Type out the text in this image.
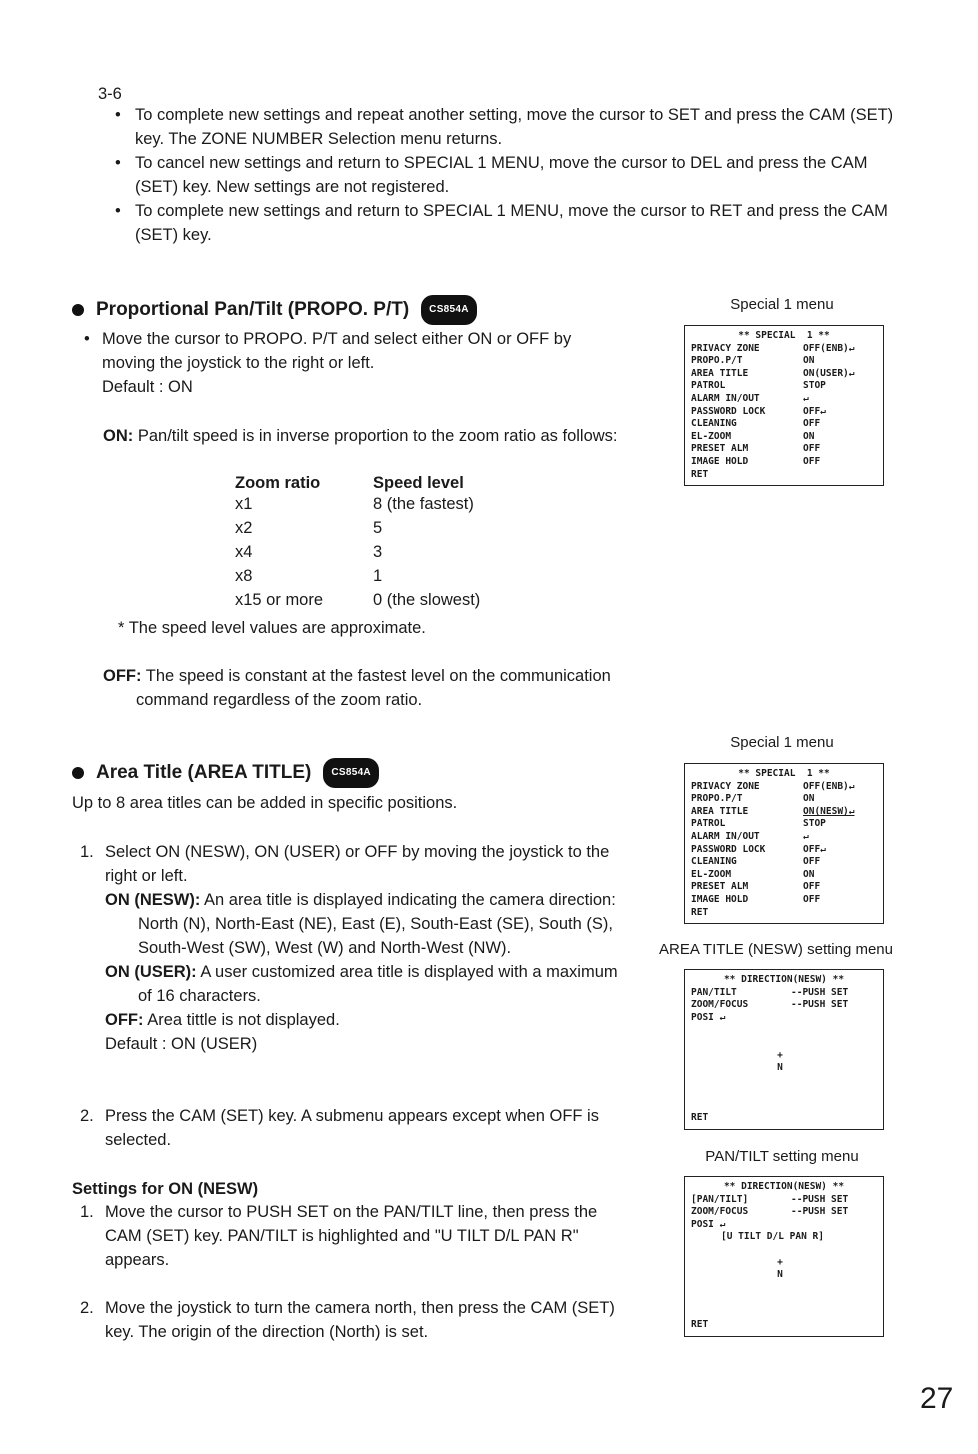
3-6
• To complete new settings and repeat another setting, move the cursor to SET and press the CAM (SET) key. The ZONE NUMBER Selection menu returns.
• To cancel new settings and return to SPECIAL 1 MENU, move the cursor to DEL and press the CAM (SET) key. New settings are not registered.
• To complete new settings and return to SPECIAL 1 MENU, move the cursor to RET and press the CAM (SET) key.
Proportional Pan/Tilt (PROPO. P/T)	CS854A
• Move the cursor to PROPO. P/T and select either ON or OFF by moving the joystick to the right or left.
Default : ON
ON: Pan/tilt speed is in inverse proportion to the zoom ratio as follows:
Zoom ratio	Speed level
x1	8 (the fastest)
x2	5
x4	3
x8	1
x15 or more	0 (the slowest)
* The speed level values are approximate.
OFF: The speed is constant at the fastest level on the communication command regardless of the zoom ratio.
Area Title (AREA TITLE)	CS854A
Up to 8 area titles can be added in specific positions.
1. Select ON (NESW), ON (USER) or OFF by moving the joystick to the right or left.
ON (NESW): An area title is displayed indicating the camera direction: North (N), North-East (NE), East (E), South-East (SE), South (S), South-West (SW), West (W) and North-West (NW).
ON (USER): A user customized area title is displayed with a maximum of 16 characters.
OFF: Area tittle is not displayed.
Default : ON (USER)
2. Press the CAM (SET) key. A submenu appears except when OFF is selected.
Settings for ON (NESW)
1. Move the cursor to PUSH SET on the PAN/TILT line, then press the CAM (SET) key. PAN/TILT is highlighted and "U TILT D/L PAN R" appears.
2. Move the joystick to turn the camera north, then press the CAM (SET) key. The origin of the direction (North) is set.
Special 1 menu
** SPECIAL  1 **
PRIVACY ZONE	OFF(ENB)↵
PROPO.P/T	ON
AREA TITLE	ON(USER)↵
PATROL	STOP
ALARM IN/OUT	↵
PASSWORD LOCK	OFF↵
CLEANING	OFF
EL-ZOOM	ON
PRESET ALM	OFF
IMAGE HOLD	OFF
RET
Special 1 menu
** SPECIAL  1 **
PRIVACY ZONE	OFF(ENB)↵
PROPO.P/T	ON
AREA TITLE	ON(NESW)↵
PATROL	STOP
ALARM IN/OUT	↵
PASSWORD LOCK	OFF↵
CLEANING	OFF
EL-ZOOM	ON
PRESET ALM	OFF
IMAGE HOLD	OFF
RET
AREA TITLE (NESW) setting menu
** DIRECTION(NESW) **
PAN/TILT	--PUSH SET
ZOOM/FOCUS	--PUSH SET
POSI ↵
+
N
RET
PAN/TILT setting menu
** DIRECTION(NESW) **
[PAN/TILT]	--PUSH SET
ZOOM/FOCUS	--PUSH SET
POSI ↵
[U TILT D/L PAN R]
+
N
RET
27
